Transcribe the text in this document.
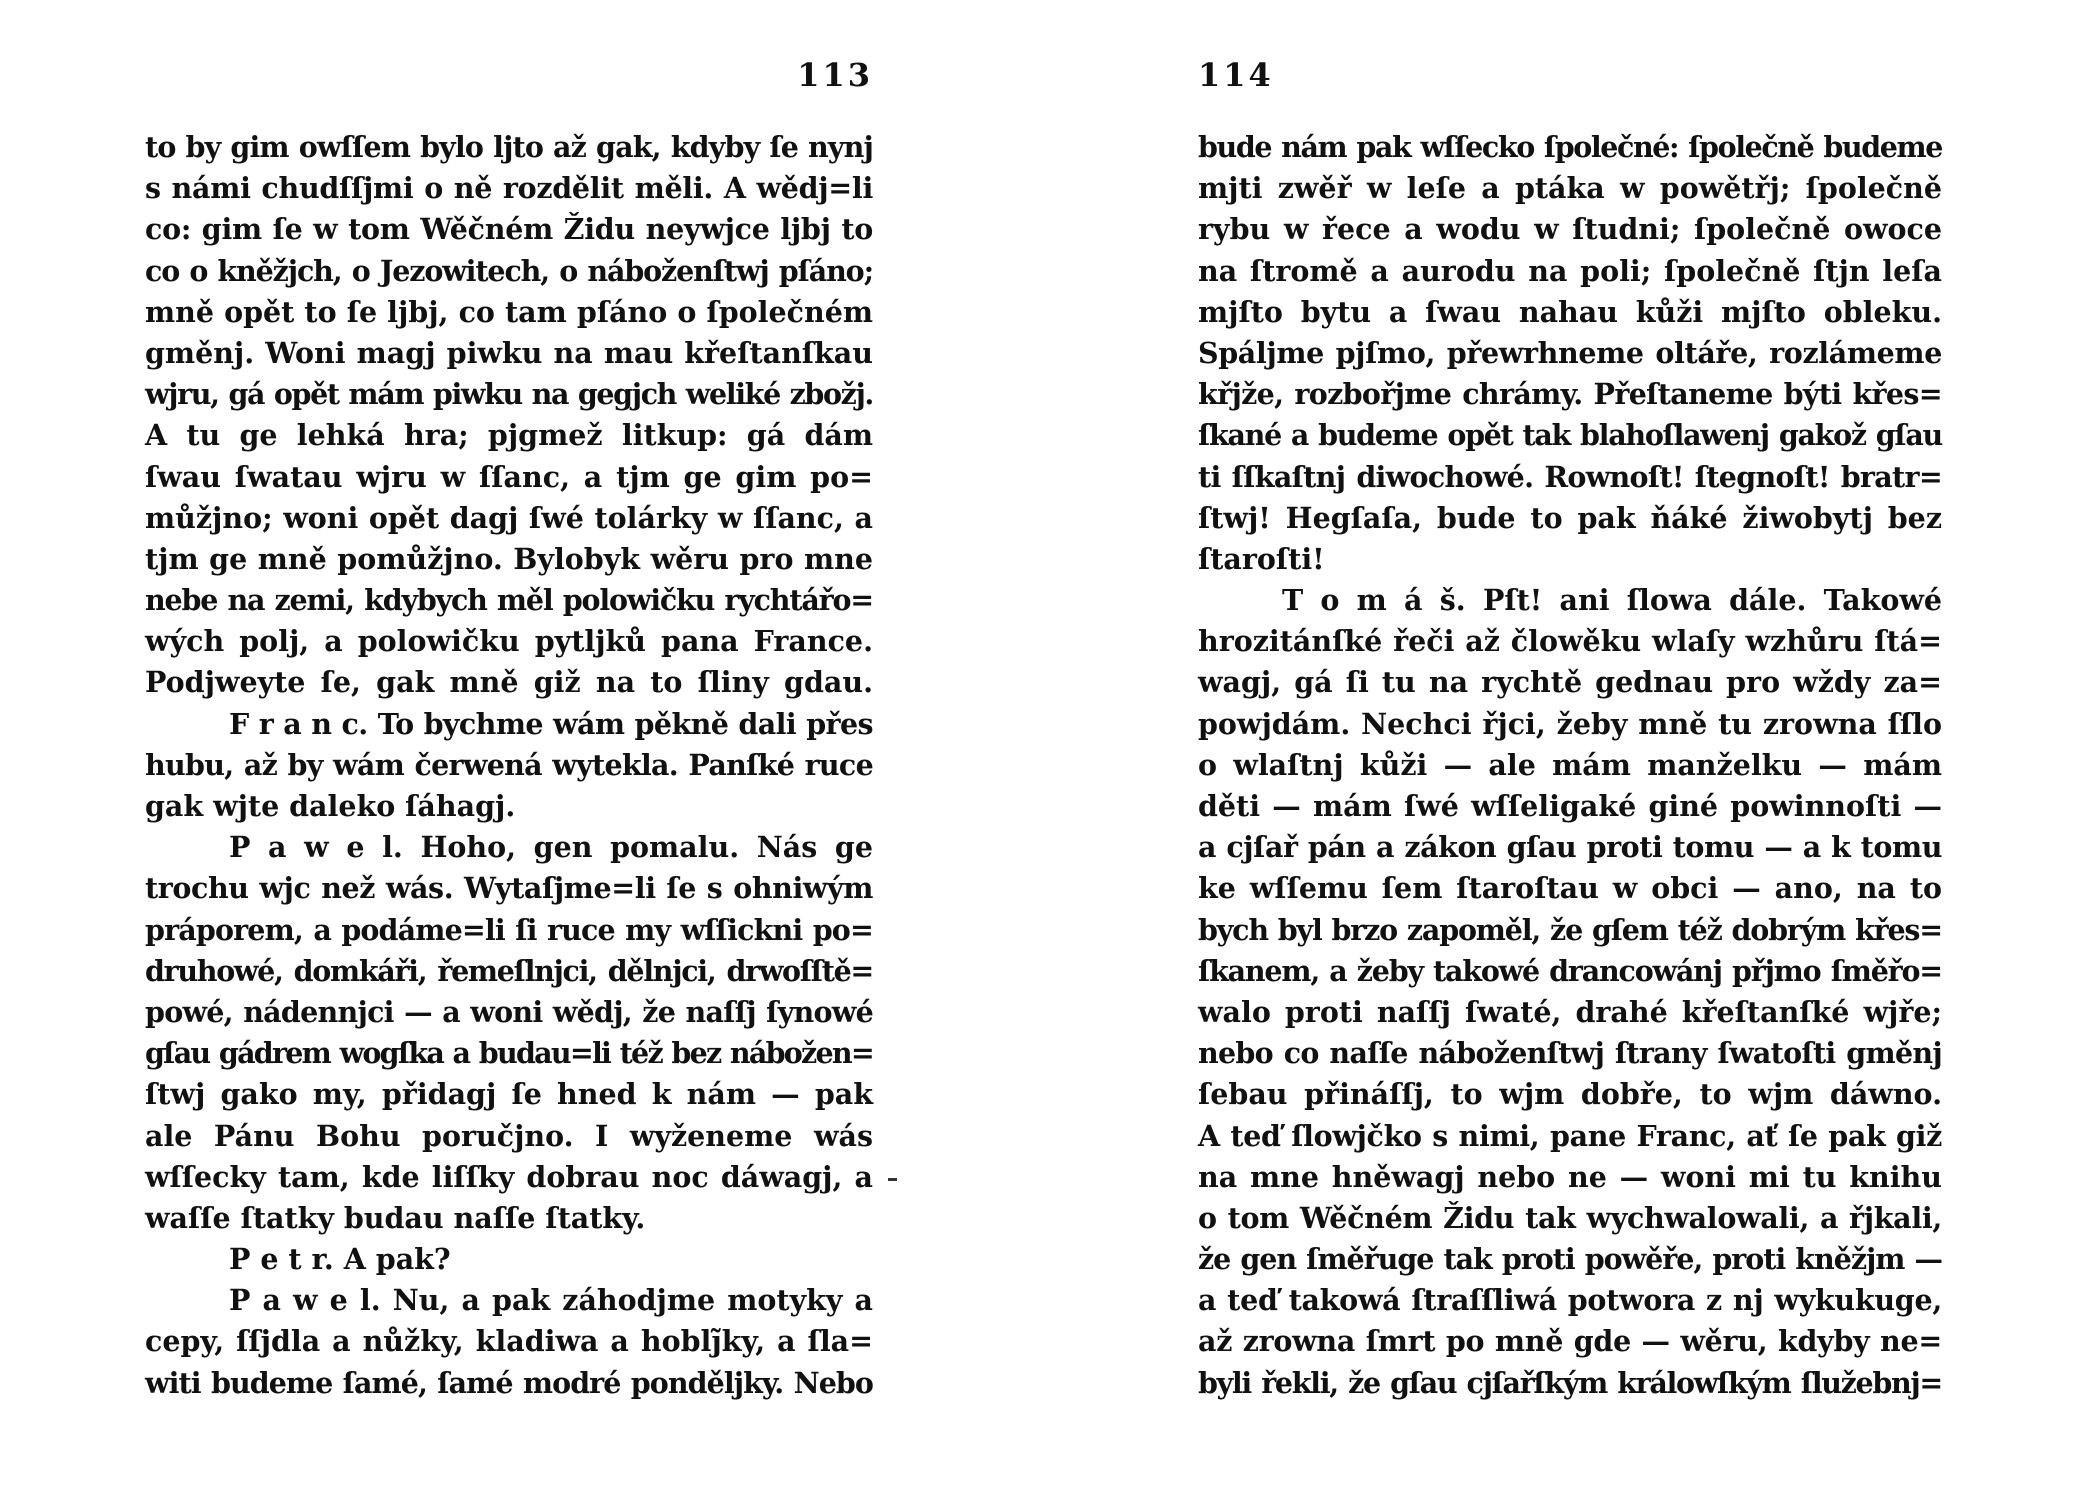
113
to by gim owſſem bylo ljto až gak, kdyby ſe nynj
s námi chudſſjmi o ně rozdělit měli. A wědj=li
co: gim ſe w tom Wěčném Židu neywjce ljbj to
co o kněžjch, o Jezowitech, o náboženſtwj pſáno;
mně opět to ſe ljbj, co tam pſáno o ſpolečném
gměnj. Woni magj piwku na mau křeſtanſkau
wjru, gá opět mám piwku na gegjch weliké zbožj.
A tu ge lehká hra; pjgmež litkup: gá dám
ſwau ſwatau wjru w ſſanc, a tjm ge gim po=
můžjno; woni opět dagj ſwé tolárky w ſſanc, a
tjm ge mně pomůžjno. Bylobyk wěru pro mne
nebe na zemi, kdybych měl polowičku rychtářo=
wých polj, a polowičku pytljků pana France.
Podjweyte ſe, gak mně giž na to ſliny gdau.
F r a n c. To bychme wám pěkně dali přes
hubu, až by wám čerwená wytekla. Panſké ruce
gak wjte daleko ſáhagj.
P a w e l. Hoho, gen pomalu. Nás ge
trochu wjc než wás. Wytaſjme=li ſe s ohniwým
práporem, a podáme=li ſi ruce my wſſickni po=
druhowé, domkáři, řemeſlnjci, dělnjci, drwoſſtě=
powé, nádennjci — a woni wědj, že naſſj ſynowé
gſau gádrem wogſka a budau=li též bez nábožen=
ſtwj gako my, přidagj ſe hned k nám — pak
ale Pánu Bohu poručjno. I wyženeme wás
wſſecky tam, kde liſſky dobrau noc dáwagj, a
waſſe ſtatky budau naſſe ſtatky.
P e t r. A pak?
P a w e l. Nu, a pak záhodjme motyky a
cepy, ſſjdla a nůžky, kladiwa a hoblj̃ky, a ſla=
witi budeme ſamé, ſamé modré ponděljky. Nebo
114
bude nám pak wſſecko ſpolečné: ſpolečně budeme
mjti zwěř w leſe a ptáka w powětřj; ſpolečně
rybu w řece a wodu w ſtudni; ſpolečně owoce
na ſtromě a aurodu na poli; ſpolečně ſtjn leſa
mjſto bytu a ſwau nahau kůži mjſto obleku.
Spáljme pjſmo, přewrhneme oltáře, rozlámeme
křjže, rozbořjme chrámy. Přeſtaneme býti křes=
ſkané a budeme opět tak blahoſlawenj gakož gſau
ti ſſkaſtnj diwochowé. Rownoſt! ſtegnoſt! bratr=
ſtwj! Hegſaſa, bude to pak ňáké žiwobytj bez
ſtaroſti!
T o m á š. Pſt! ani ſlowa dále. Takowé
hrozitánſké řeči až člowěku wlaſy wzhůru ſtá=
wagj, gá ſi tu na rychtě gednau pro wždy za=
powjdám. Nechci řjci, žeby mně tu zrowna ſſlo
o wlaſtnj kůži — ale mám manželku — mám
děti — mám ſwé wſſeligaké giné powinnoſti —
a cjſař pán a zákon gſau proti tomu — a k tomu
ke wſſemu ſem ſtaroſtau w obci — ano, na to
bych byl brzo zapoměl, že gſem též dobrým křes=
ſkanem, a žeby takowé drancowánj přjmo ſměřo=
walo proti naſſj ſwaté, drahé křeſtanſké wjře;
nebo co naſſe náboženſtwj ſtrany ſwatoſti gměnj
ſebau přináſſj, to wjm dobře, to wjm dáwno.
A teď ſlowjčko s nimi, pane Franc, ať ſe pak giž
na mne hněwagj nebo ne — woni mi tu knihu
o tom Wěčném Židu tak wychwalowali, a řjkali,
že gen ſměřuge tak proti powěře, proti kněžjm —
a teď takowá ſtraſſliwá potwora z nj wykukuge,
až zrowna ſmrt po mně gde — wěru, kdyby ne=
byli řekli, že gſau cjſařſkým králowſkým ſlužebnj=
